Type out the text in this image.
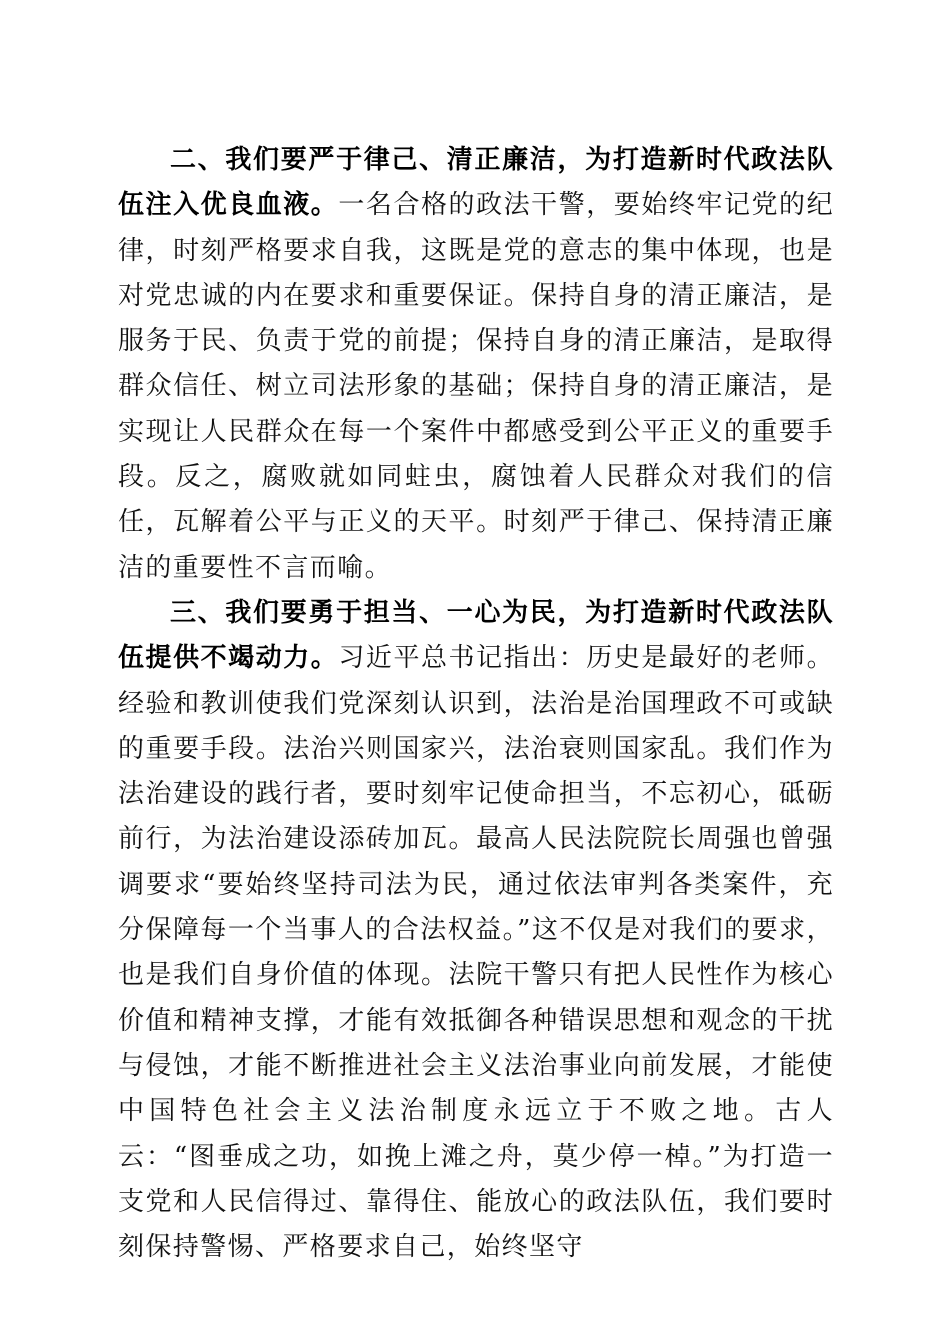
二、我们要严于律己、清正廉洁，为打造新时代政法队伍注入优良血液。一名合格的政法干警，要始终牢记党的纪律，时刻严格要求自我，这既是党的意志的集中体现，也是对党忠诚的内在要求和重要保证。保持自身的清正廉洁，是服务于民、负责于党的前提；保持自身的清正廉洁，是取得群众信任、树立司法形象的基础；保持自身的清正廉洁，是实现让人民群众在每一个案件中都感受到公平正义的重要手段。反之，腐败就如同蛀虫，腐蚀着人民群众对我们的信任，瓦解着公平与正义的天平。时刻严于律己、保持清正廉洁的重要性不言而喻。

三、我们要勇于担当、一心为民，为打造新时代政法队伍提供不竭动力。习近平总书记指出：历史是最好的老师。经验和教训使我们党深刻认识到，法治是治国理政不可或缺的重要手段。法治兴则国家兴，法治衰则国家乱。我们作为法治建设的践行者，要时刻牢记使命担当，不忘初心，砥砺前行，为法治建设添砖加瓦。最高人民法院院长周强也曾强调要求“要始终坚持司法为民，通过依法审判各类案件，充分保障每一个当事人的合法权益。”这不仅是对我们的要求，也是我们自身价值的体现。法院干警只有把人民性作为核心价值和精神支撑，才能有效抵御各种错误思想和观念的干扰与侵蚀，才能不断推进社会主义法治事业向前发展，才能使中国特色社会主义法治制度永远立于不败之地。古人云：“图垂成之功，如挽上滩之舟，莫少停一棹。”为打造一支党和人民信得过、靠得住、能放心的政法队伍，我们要时刻保持警惕、严格要求自己，始终坚守
